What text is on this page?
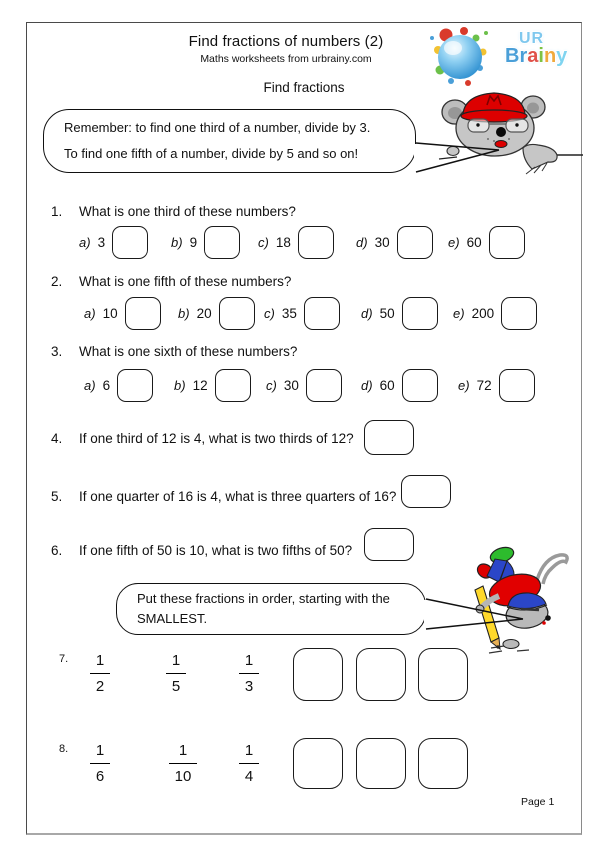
Find fractions of numbers (2)
Maths worksheets from urbrainy.com
UR
Brainy
Find fractions
Remember: to find one third of a number, divide by 3.
To find one fifth of a number, divide by 5 and so on!
1. What is one third of these numbers?
a) 3	b) 9	c) 18	d) 30	e) 60
2. What is one fifth of these numbers?
a) 10	b) 20	c) 35	d) 50	e) 200
3. What is one sixth of these numbers?
a) 6	b) 12	c) 30	d) 60	e) 72
4. If one third of 12 is 4, what is two thirds of 12?
5. If one quarter of 16 is 4, what is three quarters of 16?
6. If one fifth of 50 is 10, what is two fifths of 50?
Put these fractions in order, starting with the
SMALLEST.
7. $\frac{1}{2} \frac{1}{5} \frac{1}{3}$
8. $\frac{1}{6}$	$\frac{1}{10} \frac{1}{4}$
Page 1
